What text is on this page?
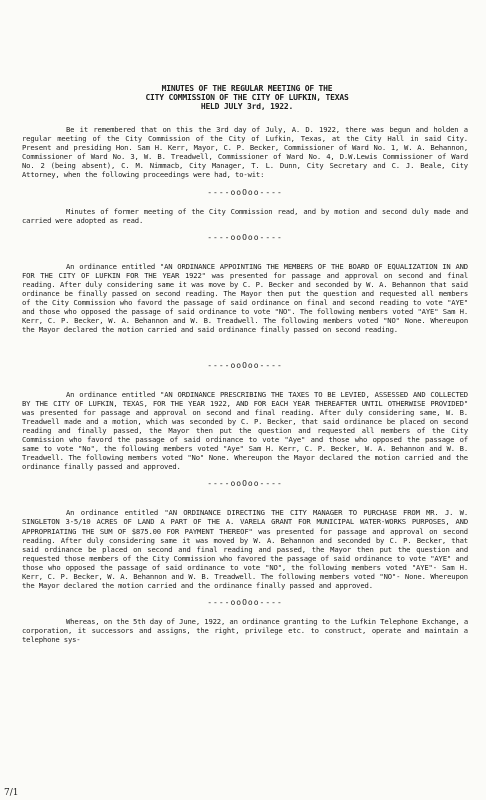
MINUTES OF THE REGULAR MEETING OF THE
CITY COMMISSION OF THE CITY OF LUFKIN, TEXAS
HELD JULY 3rd, 1922.

Be it remembered that on this the 3rd day of July, A. D. 1922, there was begun and holden a regular meeting of the City Commission of the City of Lufkin, Texas, at the City Hall in said City. Present and presiding Hon. Sam H. Kerr, Mayor, C. P. Becker, Commissioner of Ward No. 1, W. A. Behannon, Commissioner of Ward No. 3, W. B. Treadwell, Commissioner of Ward No. 4, D.W.Lewis Commissioner of Ward No. 2 (being absent), C. M. Nimmacb, City Manager, T. L. Dunn, City Secretary and C. J. Beale, City Attorney, when the following proceedings were had, to-wit:

----ooOoo----

Minutes of former meeting of the City Commission read, and by motion and second duly made and carried were adopted as read.

----ooOoo----

An ordinance entitled "AN ORDINANCE APPOINTING THE MEMBERS OF THE BOARD OF EQUALIZATION IN AND FOR THE CITY OF LUFKIN FOR THE YEAR 1922" was presented for passage and approval on second and final reading. After duly considering same it was move by C. P. Becker and seconded by W. A. Behannon that said ordinance be finally passed on second reading. The Mayor then put the question and requested all members of the City Commission who favord the passage of said ordinance on final and second reading to vote "AYE" and those who opposed the passage of said ordinance to vote "NO". The following members voted "AYE" Sam H. Kerr, C. P. Becker, W. A. Behannon and W. B. Treadwell. The following members voted "NO" None. Whereupon the Mayor declared the motion carried and said ordinance finally passed on second reading.

----ooOoo----

An ordinance entitled "AN ORDINANCE PRESCRIBING THE TAXES TO BE LEVIED, ASSESSED AND COLLECTED BY THE CITY OF LUFKIN, TEXAS, FOR THE YEAR 1922, AND FOR EACH YEAR THEREAFTER UNTIL OTHERWISE PROVIDED" was presented for passage and approval on second and final reading. After duly considering same, W. B. Treadwell made and a motion, which was seconded by C. P. Becker, that said ordinance be placed on second reading and finally passed, the Mayor then put the question and requested all members of the City Commission who favord the passage of said ordinance to vote "Aye" and those who opposed the passage of same to vote "No", the following members voted "Aye" Sam H. Kerr, C. P. Becker, W. A. Behannon and W. B. Treadwell. The following members voted "No" None. Whereupon the Mayor declared the motion carried and the ordinance finally passed and approved.

----ooOoo----

An ordinance entitled "AN ORDINANCE DIRECTING THE CITY MANAGER TO PURCHASE FROM MR. J. W. SINGLETON 3-5/10 ACRES OF LAND A PART OF THE A. VARELA GRANT FOR MUNICIPAL WATER-WORKS PURPOSES, AND APPROPRIATING THE SUM OF $875.00 FOR PAYMENT THEREOF" was presented for passage and approval on second reading. After duly considering same it was moved by W. A. Behannon and seconded by C. P. Becker, that said ordinance be placed on second and final reading and passed, the Mayor then put the question and requested those members of the City Commission who favored the passage of said ordinance to vote "AYE" and those who opposed the passage of said ordinance to vote "NO", the following members voted "AYE"- Sam H. Kerr, C. P. Becker, W. A. Behannon and W. B. Treadwell. The following members voted "NO"- None. Whereupon the Mayor declared the motion carried and the ordinance finally passed and approved.

----ooOoo----

Whereas, on the 5th day of June, 1922, an ordinance granting to the Lufkin Telephone Exchange, a corporation, it successors and assigns, the right, privilege etc. to construct, operate and maintain a telephone sys-

7/1
